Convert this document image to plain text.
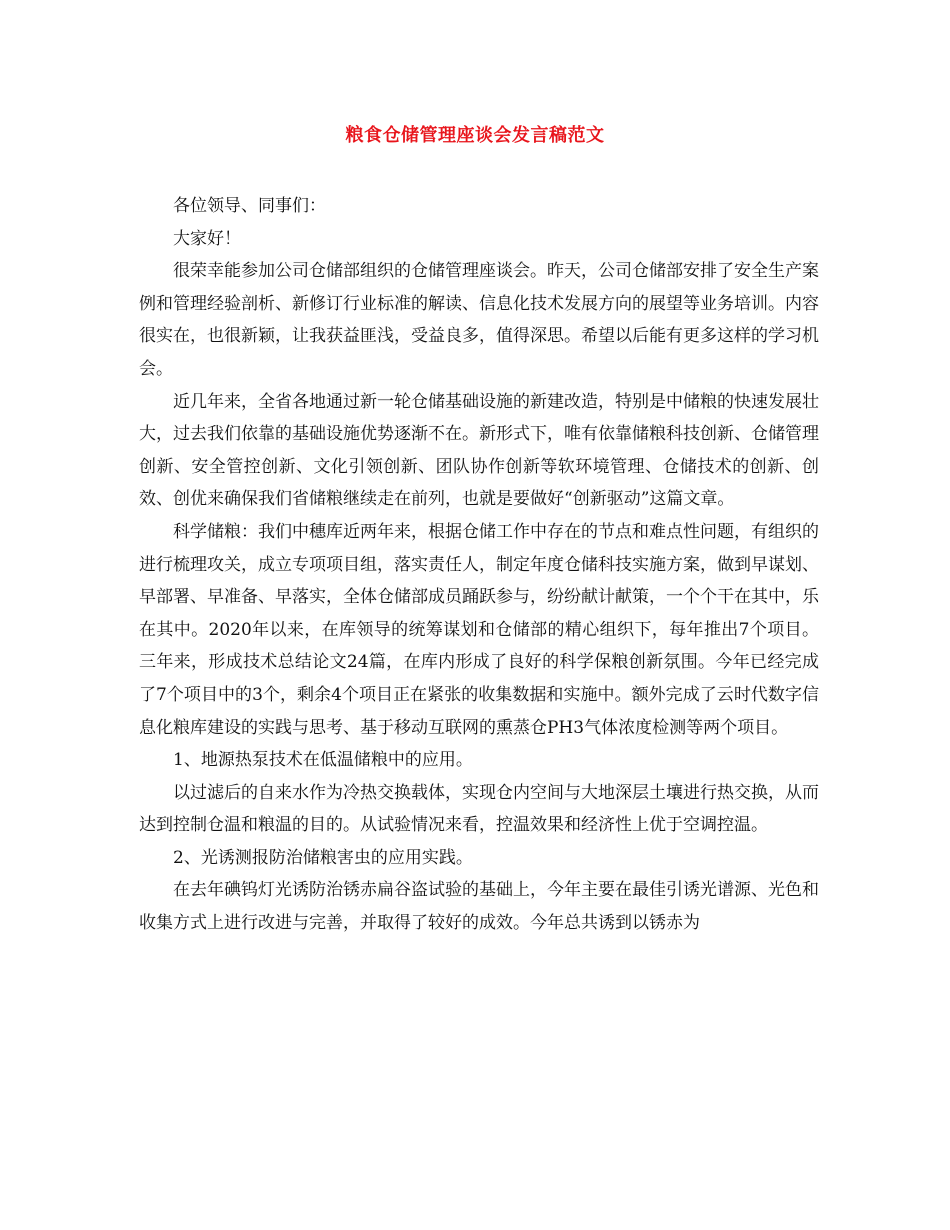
粮食仓储管理座谈会发言稿范文

各位领导、同事们：

大家好！

很荣幸能参加公司仓储部组织的仓储管理座谈会。昨天，公司仓储部安排了安全生产案例和管理经验剖析、新修订行业标准的解读、信息化技术发展方向的展望等业务培训。内容很实在，也很新颖，让我获益匪浅，受益良多，值得深思。希望以后能有更多这样的学习机会。

近几年来，全省各地通过新一轮仓储基础设施的新建改造，特别是中储粮的快速发展壮大，过去我们依靠的基础设施优势逐渐不在。新形式下，唯有依靠储粮科技创新、仓储管理创新、安全管控创新、文化引领创新、团队协作创新等软环境管理、仓储技术的创新、创效、创优来确保我们省储粮继续走在前列，也就是要做好“创新驱动”这篇文章。

科学储粮：我们中穗库近两年来，根据仓储工作中存在的节点和难点性问题，有组织的进行梳理攻关，成立专项项目组，落实责任人，制定年度仓储科技实施方案，做到早谋划、早部署、早准备、早落实，全体仓储部成员踊跃参与，纷纷献计献策，一个个干在其中，乐在其中。2020年以来，在库领导的统筹谋划和仓储部的精心组织下，每年推出7个项目。三年来，形成技术总结论文24篇，在库内形成了良好的科学保粮创新氛围。今年已经完成了7个项目中的3个，剩余4个项目正在紧张的收集数据和实施中。额外完成了云时代数字信息化粮库建设的实践与思考、基于移动互联网的熏蒸仓PH3气体浓度检测等两个项目。

1、地源热泵技术在低温储粮中的应用。

以过滤后的自来水作为冷热交换载体，实现仓内空间与大地深层土壤进行热交换，从而达到控制仓温和粮温的目的。从试验情况来看，控温效果和经济性上优于空调控温。

2、光诱测报防治储粮害虫的应用实践。

在去年碘钨灯光诱防治锈赤扁谷盗试验的基础上，今年主要在最佳引诱光谱源、光色和收集方式上进行改进与完善，并取得了较好的成效。今年总共诱到以锈赤为
